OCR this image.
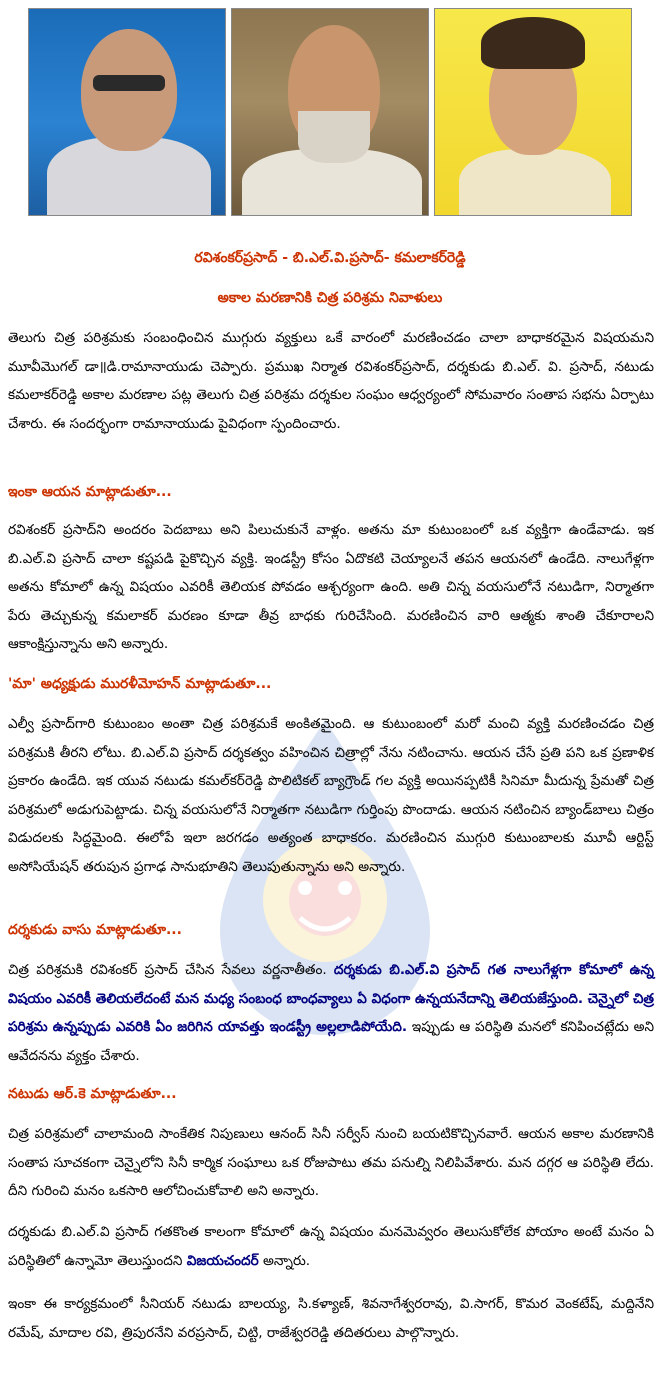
రవిశంకర్‌ప్రసాద్‌ - బి.ఎల్‌.వి.ప్రసాద్‌- కమలాకర్‌రెడ్డి
అకాల మరణానికి చిత్ర పరిశ్రమ నివాళులు

తెలుగు చిత్ర పరిశ్రమకు సంబంధించిన ముగ్గురు వ్యక్తులు ఒకే వారంలో మరణించడం చాలా బాధాకరమైన విషయమని మూవీమొగల్‌ డా॥డి.రామానాయుడు చెప్పారు. ప్రముఖ నిర్మాత రవిశంకర్‌ప్రసాద్‌, దర్శకుడు బి.ఎల్‌. వి. ప్రసాద్‌, నటుడు కమలాకర్‌రెడ్డి అకాల మరణాల పట్ల తెలుగు చిత్ర పరిశ్రమ దర్శకుల సంఘం ఆధ్వర్యంలో సోమవారం సంతాప సభను ఏర్పాటు చేశారు. ఈ సందర్భంగా రామానాయుడు పైవిధంగా స్పందించారు.

ఇంకా ఆయన మాట్లాడుతూ...

రవిశంకర్‌ ప్రసాద్‌ని అందరం పెదబాబు అని పిలుచుకునే వాళ్లం. అతను మా కుటుంబంలో ఒక వ్యక్తిగా ఉండేవాడు. ఇక బి.ఎల్‌.వి ప్రసాద్‌ చాలా కష్టపడి పైకొచ్చిన వ్యక్తి. ఇండస్ట్రీ కోసం ఏదొకటి చెయ్యాలనే తపన ఆయనలో ఉండేది. నాలుగేళ్లగా అతను కోమాలో ఉన్న విషయం ఎవరికీ తెలియక పోవడం ఆశ్చర్యంగా ఉంది. అతి చిన్న వయసులోనే నటుడిగా, నిర్మాతగా పేరు తెచ్చుకున్న కమలాకర్‌ మరణం కూడా తీవ్ర బాధకు గురిచేసింది. మరణించిన వారి ఆత్మకు శాంతి చేకూరాలని ఆకాంక్షిస్తున్నాను అని అన్నారు.

'మా' అధ్యక్షుడు మురళీమోహన్‌ మాట్లాడుతూ...

ఎల్వీ ప్రసాద్‌గారి కుటుంబం అంతా చిత్ర పరిశ్రమకే అంకితమైంది. ఆ కుటుంబంలో మరో మంచి వ్యక్తి మరణించడం చిత్ర పరిశ్రమకి తీరని లోటు. బి.ఎల్‌.వి ప్రసాద్‌ దర్శకత్వం వహించిన చిత్రాల్లో నేను నటించాను. ఆయన చేసే ప్రతి పని ఒక ప్రణాళిక ప్రకారం ఉండేది. ఇక యువ నటుడు కమల్‌కర్‌రెడ్డి పొలిటికల్‌ బ్యాగ్రౌండ్‌ గల వ్యక్తి అయినప్పటికీ సినిమా మీదున్న ప్రేమతో చిత్ర పరిశ్రమలో అడుగుపెట్టాడు. చిన్న వయసులోనే నిర్మాతగా నటుడిగా గుర్తింపు పొందాడు. ఆయన నటించిన బ్యాండ్‌బాలు చిత్రం విడుదలకు సిద్ధమైంది. ఈలోపే ఇలా జరగడం అత్యంత బాధాకరం. మరణించిన ముగ్గురి కుటుంబాలకు మూవీ ఆర్టిస్ట్‌ అసోసియేషన్‌ తరుపున ప్రగాఢ సానుభూతిని తెలుపుతున్నాను అని అన్నారు.

దర్శకుడు వాసు మాట్లాడుతూ...

చిత్ర పరిశ్రమకి రవిశంకర్‌ ప్రసాద్‌ చేసిన సేవలు వర్ణనాతీతం. దర్శకుడు బి.ఎల్‌.వి ప్రసాద్‌ గత నాలుగేళ్లగా కోమాలో ఉన్న విషయం ఎవరికీ తెలియలేదంటే మన మధ్య సంబంధ బాంధవ్యాలు ఏ విధంగా ఉన్నయనేదాన్ని తెలియజేస్తుంది. చెన్నైలో చిత్ర పరిశ్రమ ఉన్నప్పుడు ఎవరికి ఏం జరిగిన యావత్తు ఇండస్ట్రీ అల్లలాడిపోయేది. ఇప్పుడు ఆ పరిస్థితి మనలో కనిపించట్లేదు అని ఆవేదనను వ్యక్తం చేశారు.

నటుడు ఆర్‌.కె మాట్లాడుతూ...

చిత్ర పరిశ్రమలో చాలామంది సాంకేతిక నిపుణులు ఆనంద్‌ సినీ సర్వీస్‌ నుంచి బయటికొచ్చినవారే. ఆయన అకాల మరణానికి సంతాప సూచకంగా చెన్నైలోని సినీ కార్మిక సంఘాలు ఒక రోజుపాటు తమ పనుల్ని నిలిపివేశారు. మన దగ్గర ఆ పరిస్థితి లేదు. దీని గురించి మనం ఒకసారి ఆలోచించుకోవాలి అని అన్నారు.

దర్శకుడు బి.ఎల్‌.వి ప్రసాద్‌ గతకొంత కాలంగా కోమాలో ఉన్న విషయం మనమెవ్వరం తెలుసుకోలేక పోయాం అంటే మనం ఏ పరిస్థితిలో ఉన్నామో తెలుస్తుందని విజయచందర్‌ అన్నారు.

ఇంకా ఈ కార్యక్రమంలో సీనియర్‌ నటుడు బాలయ్య, సి.కళ్యాణ్‌, శివనాగేశ్వరరావు, వి.సాగర్‌, కొమర వెంకటేష్‌, మద్దినేని రమేష్‌, మాదాల రవి, త్రిపురనేని వరప్రసాద్‌, చిట్టి, రాజేశ్వరరెడ్డి తదితరులు పాల్గొన్నారు.
